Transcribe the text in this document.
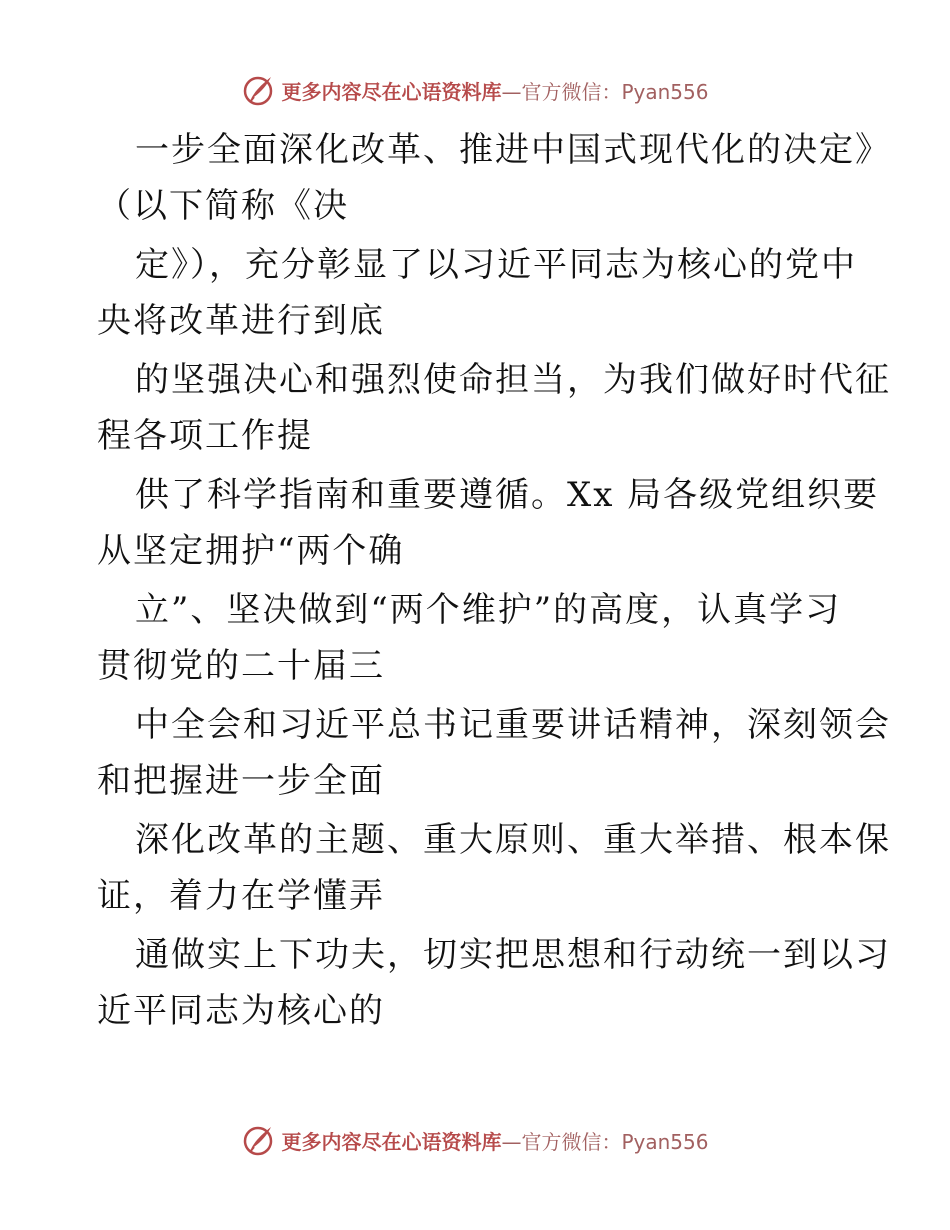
更多内容尽在心语资料库 —官方微信：Pyan556
一步全面深化改革、推进中国式现代化的决定》
（以下简称《决
定》），充分彰显了以习近平同志为核心的党中
央将改革进行到底
的坚强决心和强烈使命担当，为我们做好时代征
程各项工作提
供了科学指南和重要遵循。Xx 局各级党组织要
从坚定拥护“两个确
立”、坚决做到“两个维护”的高度，认真学习
贯彻党的二十届三
中全会和习近平总书记重要讲话精神，深刻领会
和把握进一步全面
深化改革的主题、重大原则、重大举措、根本保
证，着力在学懂弄
通做实上下功夫，切实把思想和行动统一到以习
近平同志为核心的
更多内容尽在心语资料库 —官方微信：Pyan556
